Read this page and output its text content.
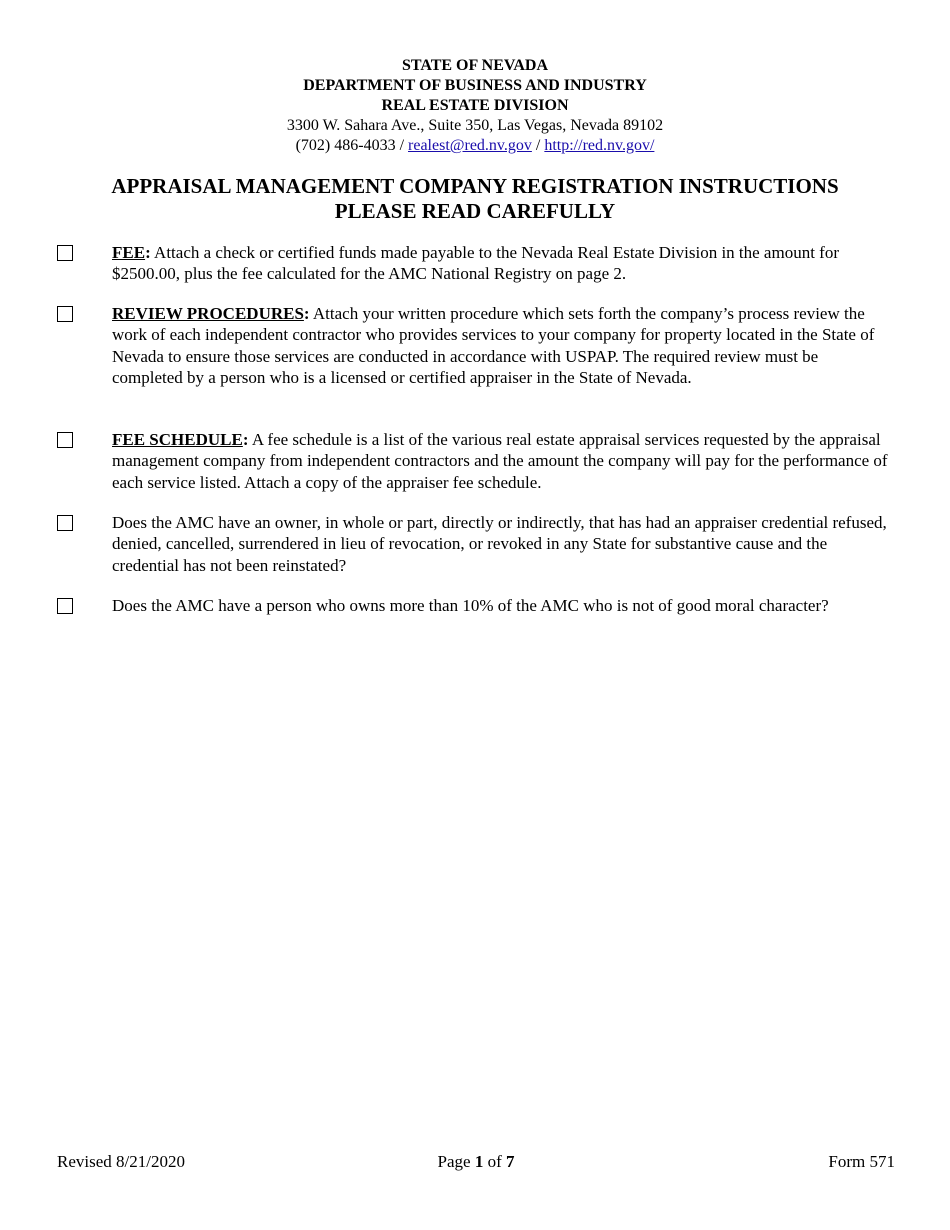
STATE OF NEVADA
DEPARTMENT OF BUSINESS AND INDUSTRY
REAL ESTATE DIVISION
3300 W. Sahara Ave., Suite 350, Las Vegas, Nevada 89102
(702) 486-4033 / realest@red.nv.gov / http://red.nv.gov/
APPRAISAL MANAGEMENT COMPANY REGISTRATION INSTRUCTIONS
PLEASE READ CAREFULLY
FEE: Attach a check or certified funds made payable to the Nevada Real Estate Division in the amount for $2500.00, plus the fee calculated for the AMC National Registry on page 2.
REVIEW PROCEDURES: Attach your written procedure which sets forth the company’s process review the work of each independent contractor who provides services to your company for property located in the State of Nevada to ensure those services are conducted in accordance with USPAP. The required review must be completed by a person who is a licensed or certified appraiser in the State of Nevada.
FEE SCHEDULE: A fee schedule is a list of the various real estate appraisal services requested by the appraisal management company from independent contractors and the amount the company will pay for the performance of each service listed. Attach a copy of the appraiser fee schedule.
Does the AMC have an owner, in whole or part, directly or indirectly, that has had an appraiser credential refused, denied, cancelled, surrendered in lieu of revocation, or revoked in any State for substantive cause and the credential has not been reinstated?
Does the AMC have a person who owns more than 10% of the AMC who is not of good moral character?
Revised 8/21/2020	Page 1 of 7	Form 571
